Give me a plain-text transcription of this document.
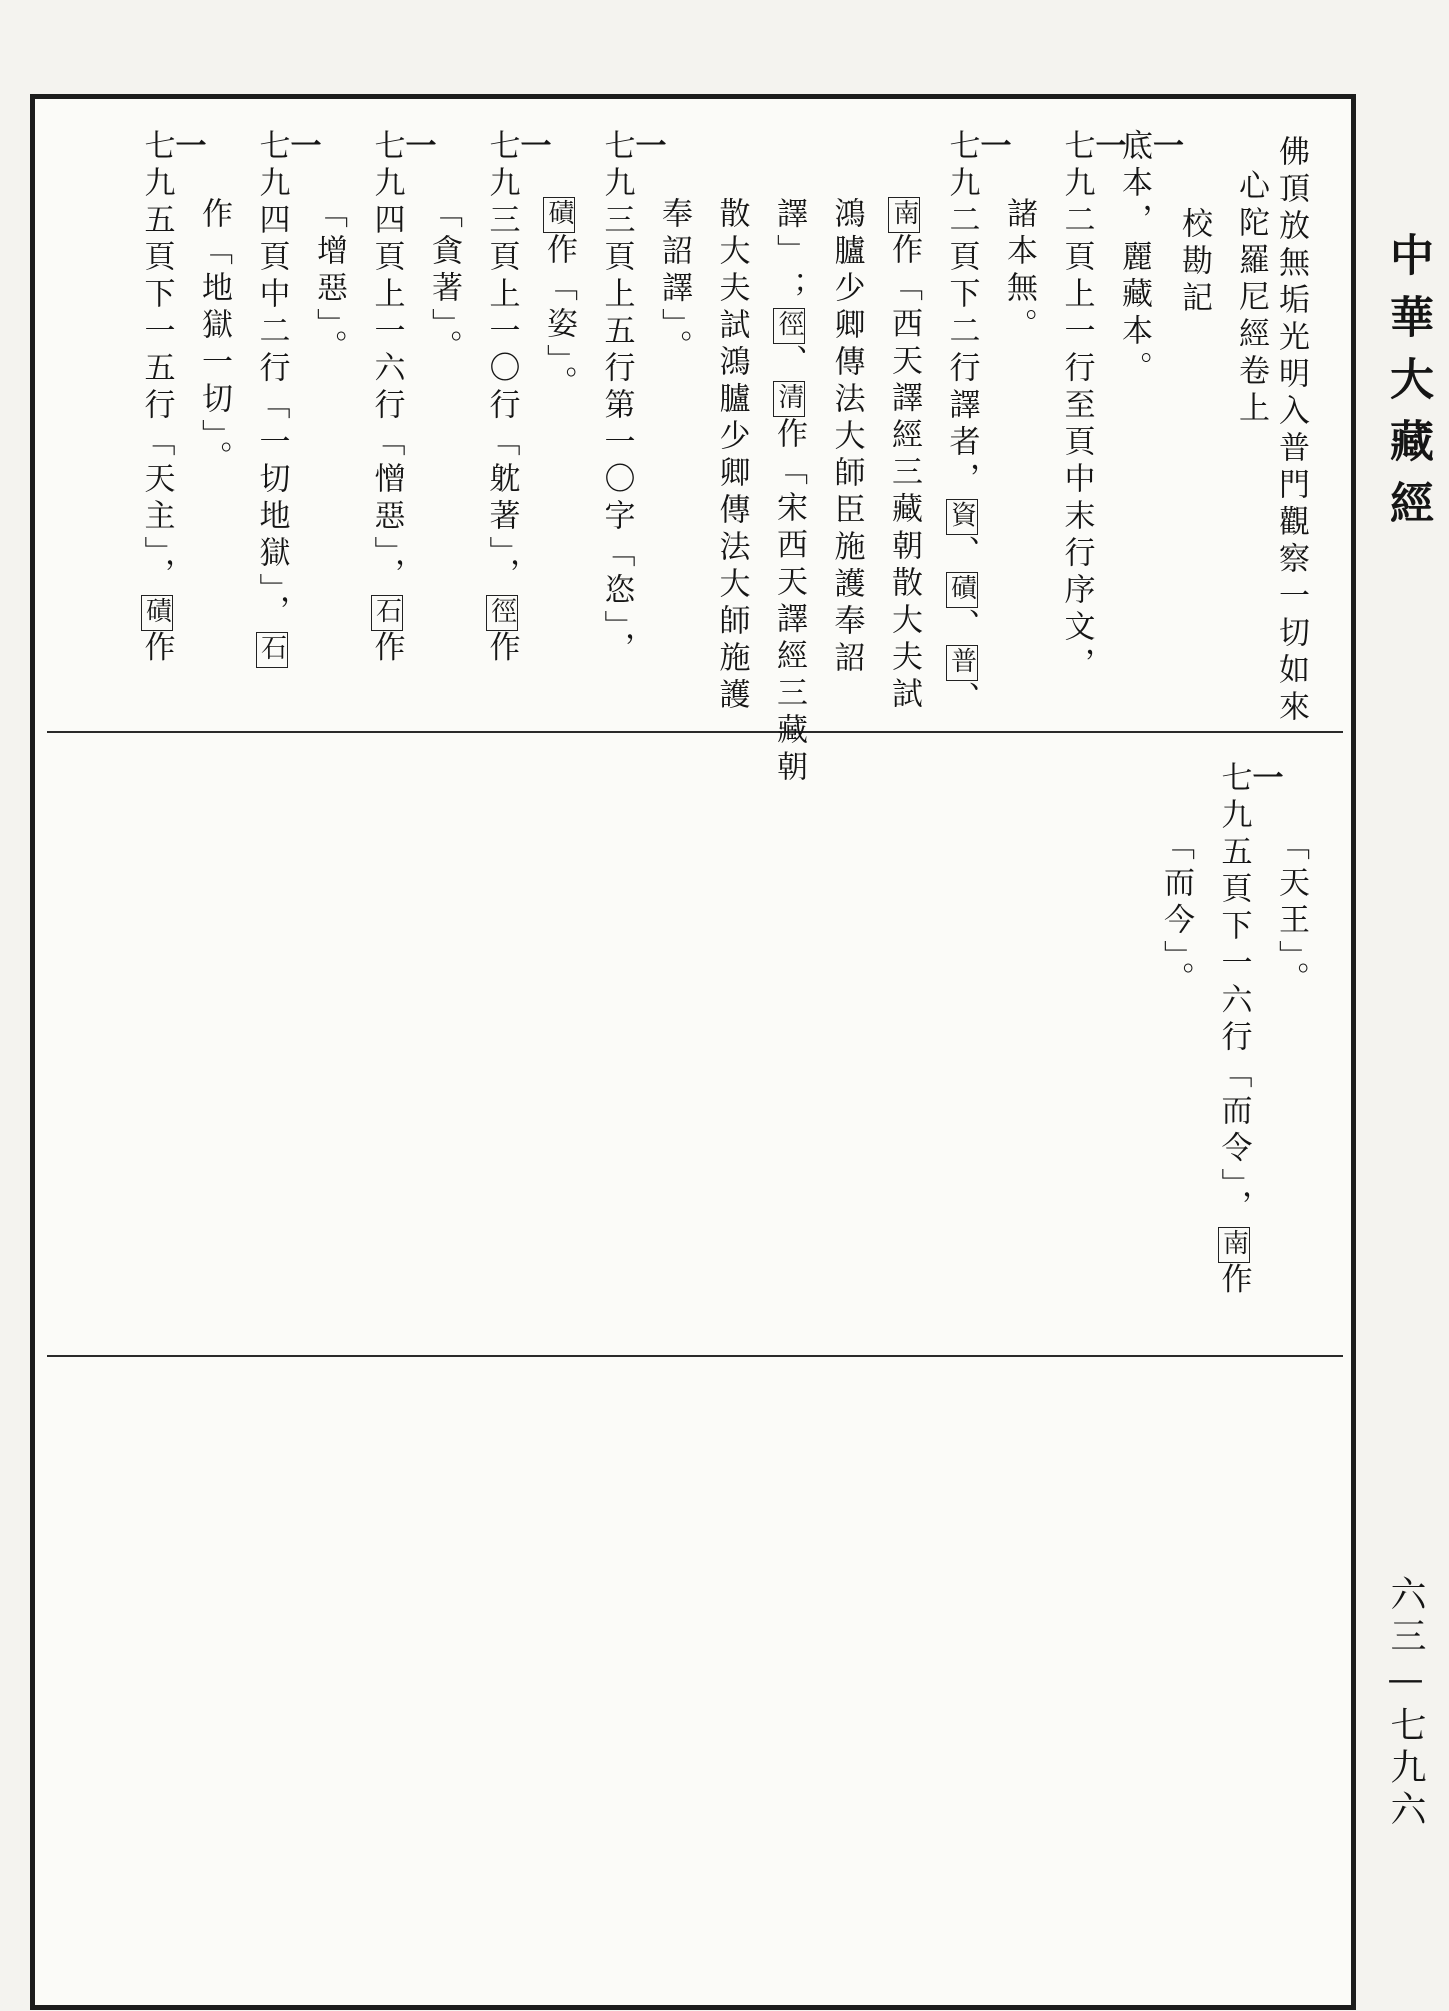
中華大藏經
佛頂放無垢光明入普門觀察一切如來
心陀羅尼經卷上
校勘記
一
底本，麗藏本。
一
七九二頁上一行至頁中末行序文，
諸本無。
一
七九二頁下二行譯者，資、磧、普、
南作「西天譯經三藏朝散大夫試
鴻臚少卿傳法大師臣施護奉詔
譯」；徑、清作「宋西天譯經三藏朝
散大夫試鴻臚少卿傳法大師施護
奉詔譯」。
一
七九三頁上五行第一〇字「恣」，
磧作「姿」。
一
七九三頁上一〇行「躭著」，徑作
「貪著」。
一
七九四頁上一六行「憎惡」，石作
「增惡」。
一
七九四頁中二行「一切地獄」，石
作「地獄一切」。
一
七九五頁下一五行「天主」，磧作
「天王」。
一
七九五頁下一六行「而令」，南作
「而今」。
六三—七九六
